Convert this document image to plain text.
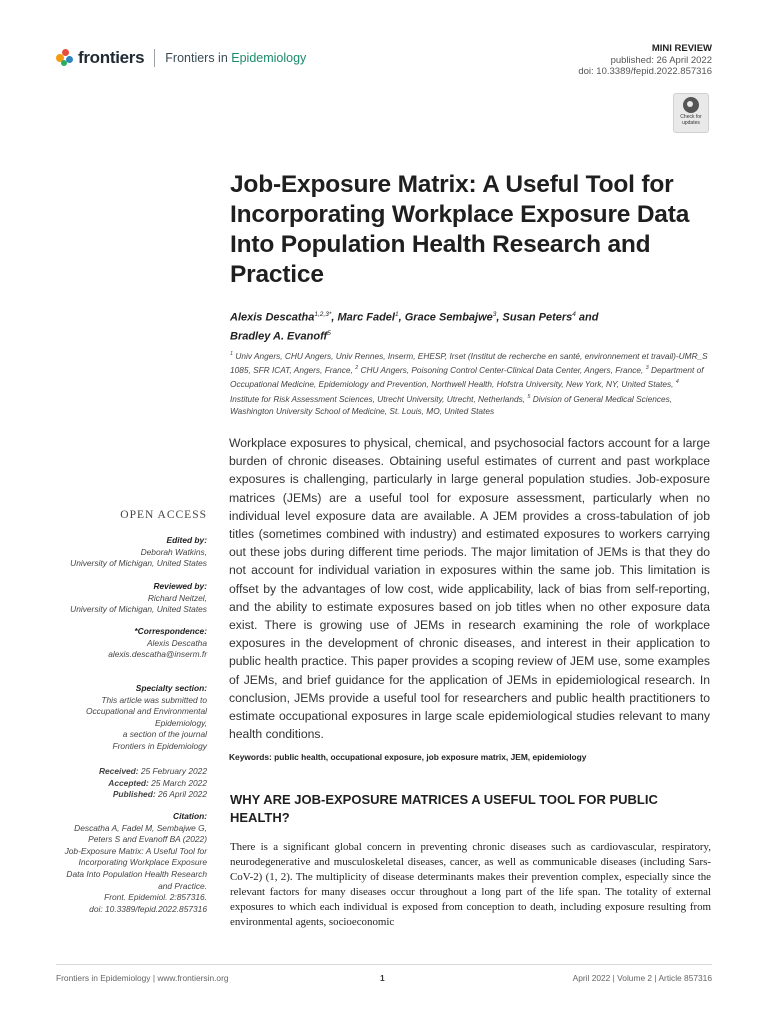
frontiers Frontiers in Epidemiology
MINI REVIEW
published: 26 April 2022
doi: 10.3389/fepid.2022.857316
Check for updates
Job-Exposure Matrix: A Useful Tool for Incorporating Workplace Exposure Data Into Population Health Research and Practice
Alexis Descatha$^{1,2,3*}$, Marc Fadel$^1$, Grace Sembajwe$^3$, Susan Peters$^4$ and
Bradley A. Evanoff$^5$
$^1$ Univ Angers, CHU Angers, Univ Rennes, Inserm, EHESP, Irset (Institut de recherche en santé, environnement et travail)-UMR_S 1085, SFR ICAT, Angers, France, $^2$ CHU Angers, Poisoning Control Center-Clinical Data Center, Angers, France, $^3$ Department of Occupational Medicine, Epidemiology and Prevention, Northwell Health, Hofstra University, New York, NY, United States, $^4$ Institute for Risk Assessment Sciences, Utrecht University, Utrecht, Netherlands, $^5$ Division of General Medical Sciences, Washington University School of Medicine, St. Louis, MO, United States
Workplace exposures to physical, chemical, and psychosocial factors account for a large burden of chronic diseases. Obtaining useful estimates of current and past workplace exposures is challenging, particularly in large general population studies. Job-exposure matrices (JEMs) are a useful tool for exposure assessment, particularly when no individual level exposure data are available. A JEM provides a cross-tabulation of job titles (sometimes combined with industry) and estimated exposures to workers carrying out these jobs during different time periods. The major limitation of JEMs is that they do not account for individual variation in exposures within the same job. This limitation is offset by the advantages of low cost, wide applicability, lack of bias from self-reporting, and the ability to estimate exposures based on job titles when no other exposure data exist. There is growing use of JEMs in research examining the role of workplace exposures in the development of chronic diseases, and interest in their application to public health practice. This paper provides a scoping review of JEM use, some examples of JEMs, and brief guidance for the application of JEMs in epidemiological research. In conclusion, JEMs provide a useful tool for researchers and public health practitioners to estimate occupational exposures in large scale epidemiological studies relevant to many health conditions.
Keywords: public health, occupational exposure, job exposure matrix, JEM, epidemiology
OPEN ACCESS
Edited by:
Deborah Watkins,
University of Michigan, United States
Reviewed by:
Richard Neitzel,
University of Michigan, United States
*Correspondence:
Alexis Descatha
alexis.descatha@inserm.fr
Specialty section:
This article was submitted to
Occupational and Environmental
Epidemiology,
a section of the journal
Frontiers in Epidemiology
Received: 25 February 2022
Accepted: 25 March 2022
Published: 26 April 2022
Citation:
Descatha A, Fadel M, Sembajwe G,
Peters S and Evanoff BA (2022)
Job-Exposure Matrix: A Useful Tool for
Incorporating Workplace Exposure
Data Into Population Health Research
and Practice.
Front. Epidemiol. 2:857316.
doi: 10.3389/fepid.2022.857316
WHY ARE JOB-EXPOSURE MATRICES A USEFUL TOOL FOR PUBLIC HEALTH?
There is a significant global concern in preventing chronic diseases such as cardiovascular, respiratory, neurodegenerative and musculoskeletal diseases, cancer, as well as communicable diseases (including Sars-CoV-2) (1, 2). The multiplicity of disease determinants makes their prevention complex, especially since the relevant factors for many diseases occur throughout a long part of the life span. The totality of external exposures to which each individual is exposed from conception to death, including exposure resulting from environmental agents, socioeconomic
Frontiers in Epidemiology | www.frontiersin.org	1	April 2022 | Volume 2 | Article 857316
